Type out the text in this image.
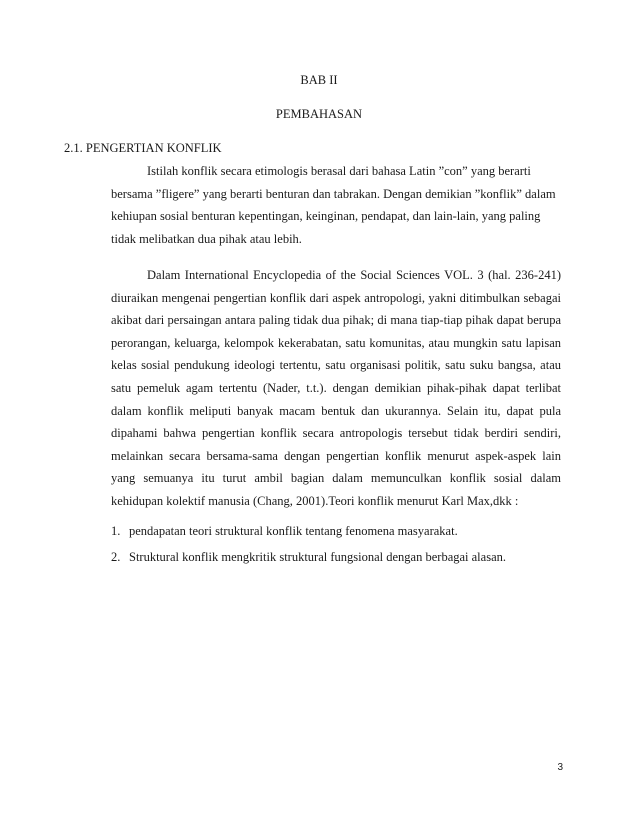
BAB II
PEMBAHASAN
2.1. PENGERTIAN KONFLIK

Istilah konflik secara etimologis berasal dari bahasa Latin ”con” yang berarti bersama ”fligere” yang berarti benturan dan tabrakan. Dengan demikian ”konflik” dalam kehiupan sosial benturan kepentingan, keinginan, pendapat, dan lain-lain, yang paling tidak melibatkan dua pihak atau lebih.

Dalam International Encyclopedia of the Social Sciences VOL. 3 (hal. 236-241) diuraikan mengenai pengertian konflik dari aspek antropologi, yakni ditimbulkan sebagai akibat dari persaingan antara paling tidak dua pihak; di mana tiap-tiap pihak dapat berupa perorangan, keluarga, kelompok kekerabatan, satu komunitas, atau mungkin satu lapisan kelas sosial pendukung ideologi tertentu, satu organisasi politik, satu suku bangsa, atau satu pemeluk agam tertentu (Nader, t.t.). dengan demikian pihak-pihak dapat terlibat dalam konflik meliputi banyak macam bentuk dan ukurannya. Selain itu, dapat pula dipahami bahwa pengertian konflik secara antropologis tersebut tidak berdiri sendiri, melainkan secara bersama-sama dengan pengertian konflik menurut aspek-aspek lain yang semuanya itu turut ambil bagian dalam memunculkan konflik sosial dalam kehidupan kolektif manusia (Chang, 2001).Teori konflik menurut Karl Max,dkk :

1. pendapatan teori struktural konflik tentang fenomena masyarakat.
2. Struktural konflik mengkritik struktural fungsional dengan berbagai alasan.
3
